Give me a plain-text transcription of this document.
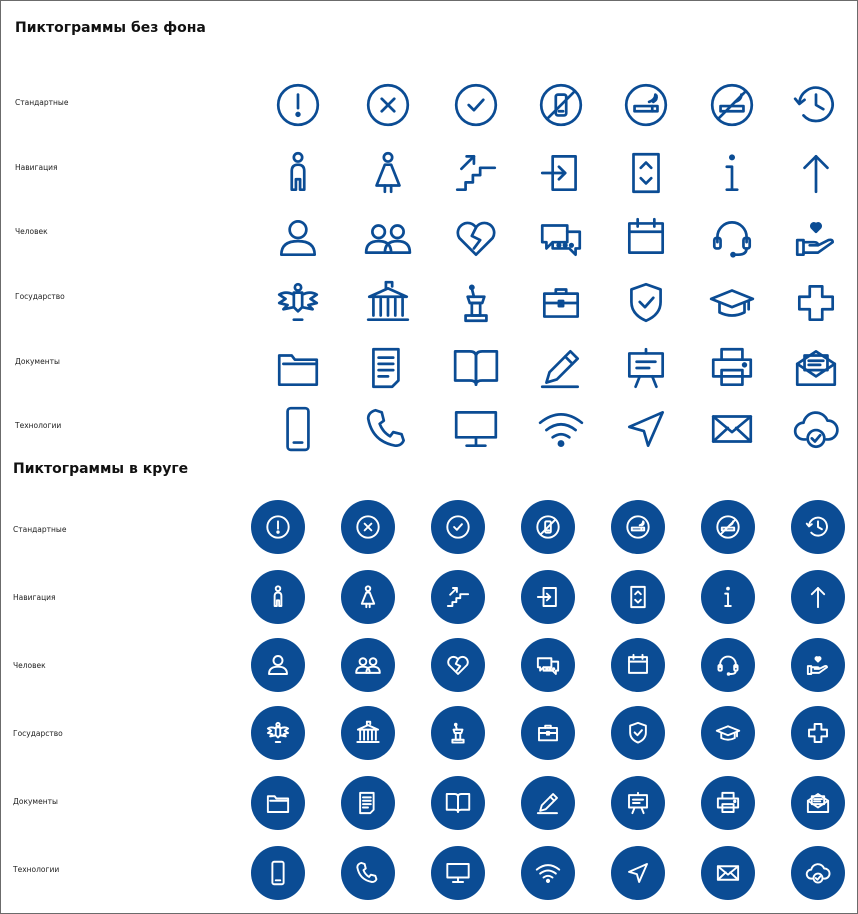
Пиктограммы без фона
Стандартные
Навигация
Человек
Государство
Документы
Технологии
Пиктограммы в круге
Стандартные
Навигация
Человек
Государство
Документы
Технологии
